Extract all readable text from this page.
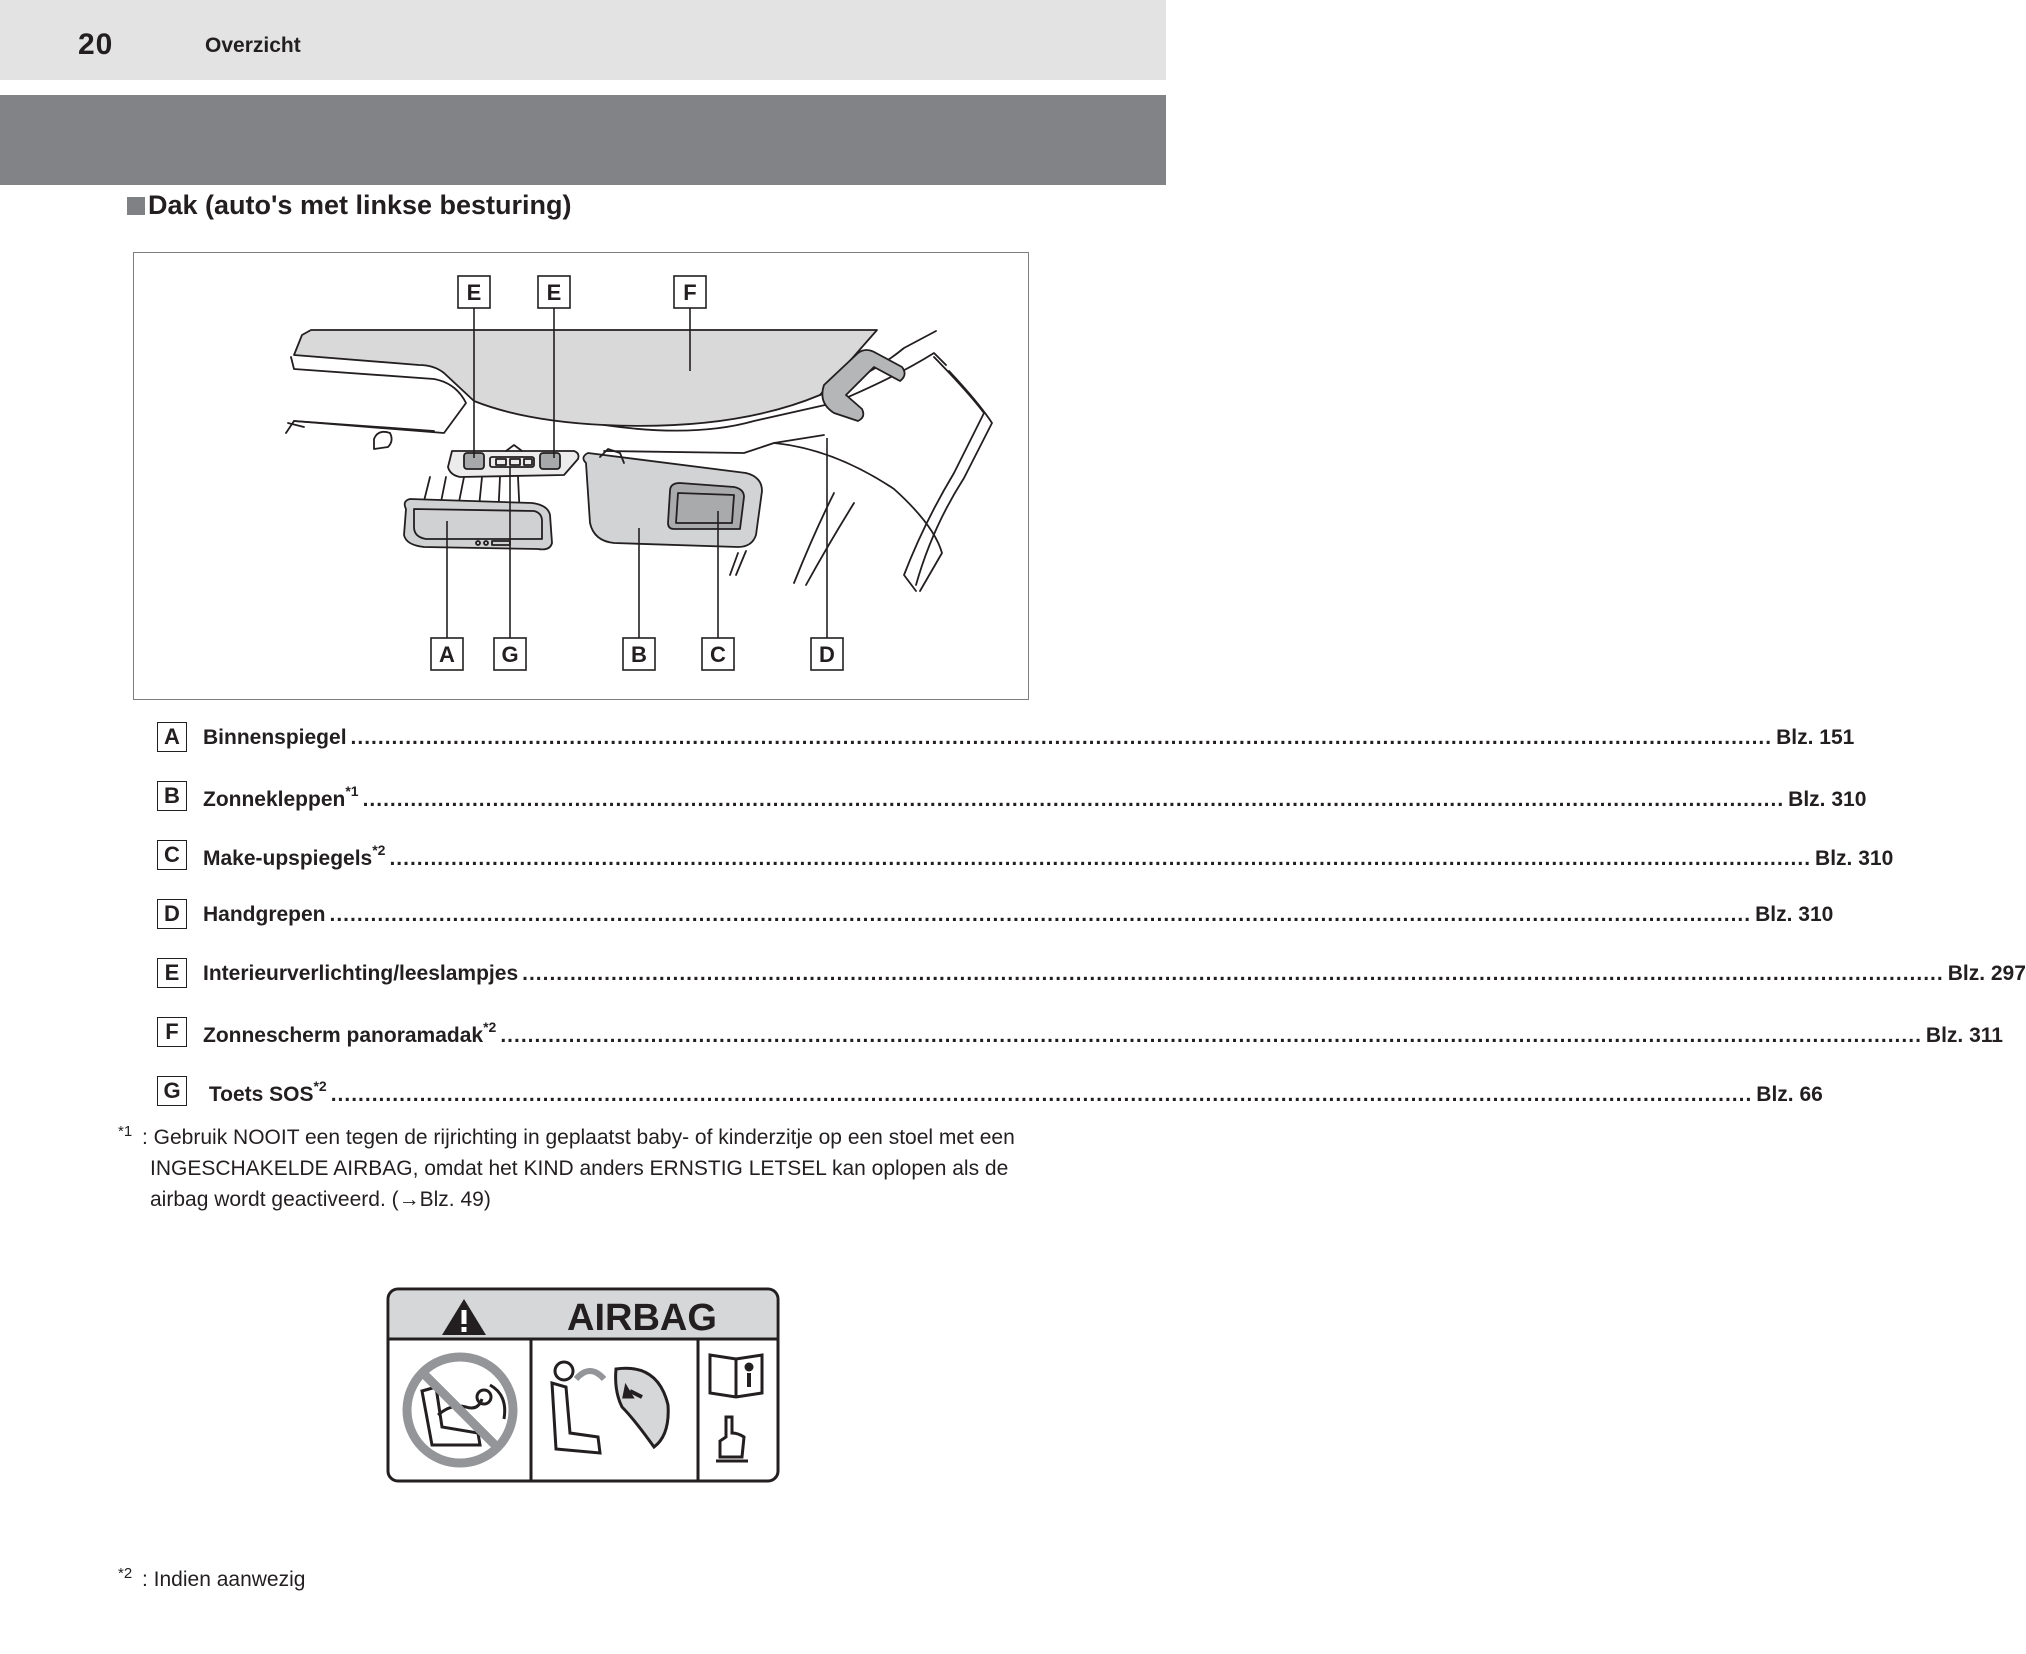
20	Overzicht
Dak (auto's met linkse besturing)
E	E	F
A G	B	C	D
A	Binnenspiegel .....	Blz. 151
B	Zonnekleppen$^{*1}$ .....	Blz. 310
C	Make-upspiegels$^{*2}$ .....	Blz. 310
D	Handgrepen .....	Blz. 310
E	Interieurverlichting/leeslampjes .....	Blz. 297
F	Zonnescherm panoramadak$^{*2}$ .....	Blz. 311
G	Toets SOS$^{*2}$ .....	Blz. 66
*1 : Gebruik NOOIT een tegen de rijrichting in geplaatst baby- of kinderzitje op een stoel met een INGESCHAKELDE AIRBAG, omdat het KIND anders ERNSTIG LETSEL kan oplopen als de airbag wordt geactiveerd. (→Blz. 49)
AIRBAG
*2 : Indien aanwezig
